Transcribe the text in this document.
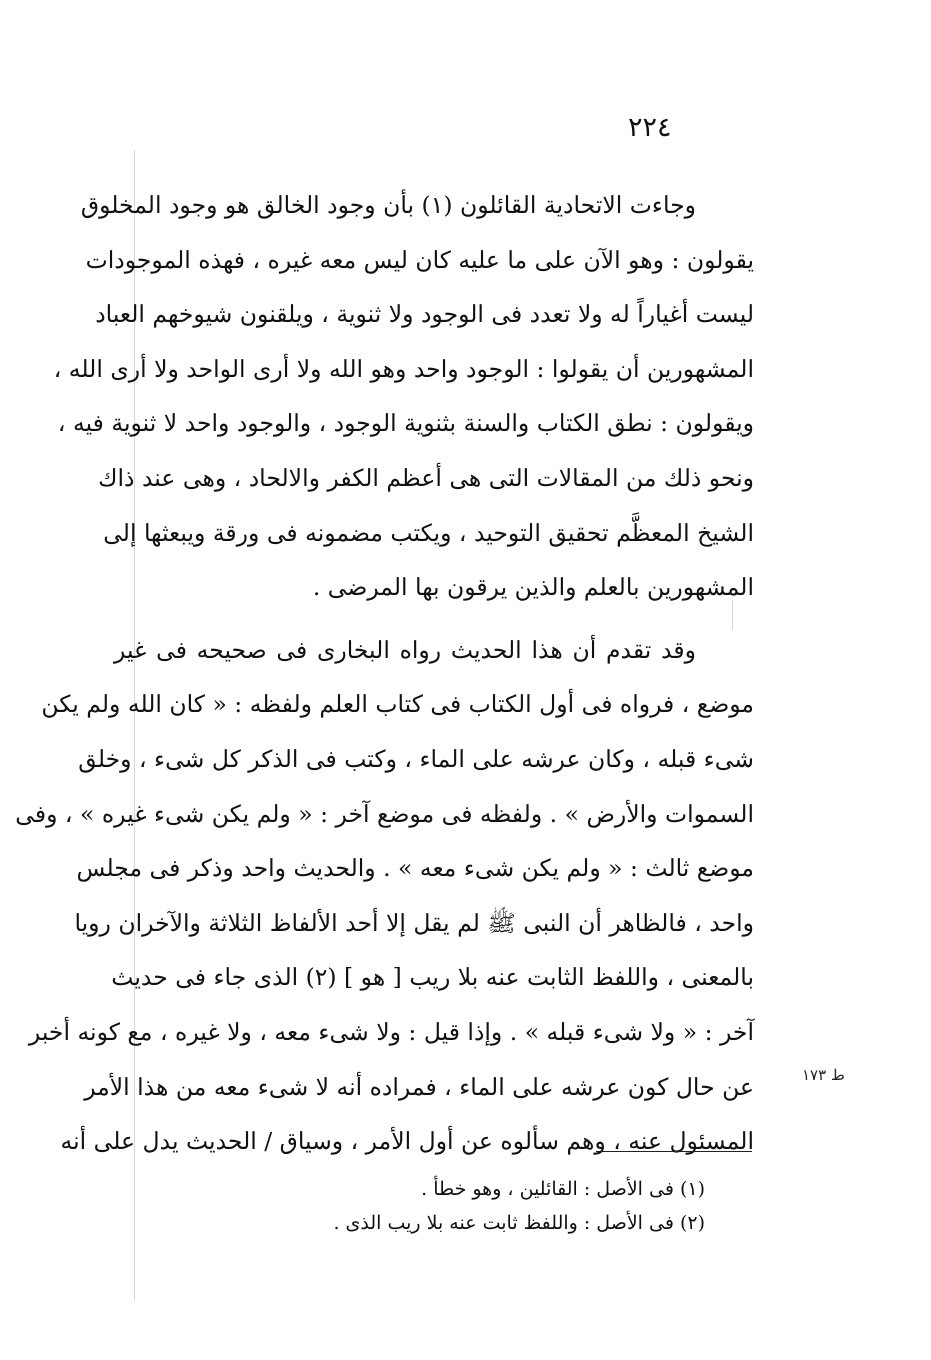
٢٢٤
وجاءت الاتحادية القائلون (١) بأن وجود الخالق هو وجود المخلوق
يقولون : وهو الآن على ما عليه كان ليس معه غيره ، فهذه الموجودات
ليست أغياراً له ولا تعدد فى الوجود ولا ثنوية ، ويلقنون شيوخهم العباد
المشهورين أن يقولوا : الوجود واحد وهو الله ولا أرى الواحد ولا أرى الله ،
ويقولون : نطق الكتاب والسنة بثنوية الوجود ، والوجود واحد لا ثنوية فيه ،
ونحو ذلك من المقالات التى هى أعظم الكفر والالحاد ، وهى عند ذاك
الشيخ المعظَّم تحقيق التوحيد ، ويكتب مضمونه فى ورقة ويبعثها إلى
المشهورين بالعلم والذين يرقون بها المرضى .
وقد تقدم أن هذا الحديث رواه البخارى فى صحيحه فى غير
موضع ، فرواه فى أول الكتاب فى كتاب العلم ولفظه : « كان الله ولم يكن
شىء قبله ، وكان عرشه على الماء ، وكتب فى الذكر كل شىء ، وخلق
السموات والأرض » . ولفظه فى موضع آخر : « ولم يكن شىء غيره » ، وفى
موضع ثالث : « ولم يكن شىء معه » . والحديث واحد وذكر فى مجلس
واحد ، فالظاهر أن النبى ﷺ لم يقل إلا أحد الألفاظ الثلاثة والآخران رويا
بالمعنى ، واللفظ الثابت عنه بلا ريب [ هو ] (٢) الذى جاء فى حديث
آخر : « ولا شىء قبله » . وإذا قيل : ولا شىء معه ، ولا غيره ، مع كونه أخبر
عن حال كون عرشه على الماء ، فمراده أنه لا شىء معه من هذا الأمر
المسئول عنه ، وهم سألوه عن أول الأمر ، وسياق / الحديث يدل على أنه
ط ١٧٣
(١) فى الأصل : القائلين ، وهو خطأ .
(٢) فى الأصل : واللفظ ثابت عنه بلا ريب الذى .
